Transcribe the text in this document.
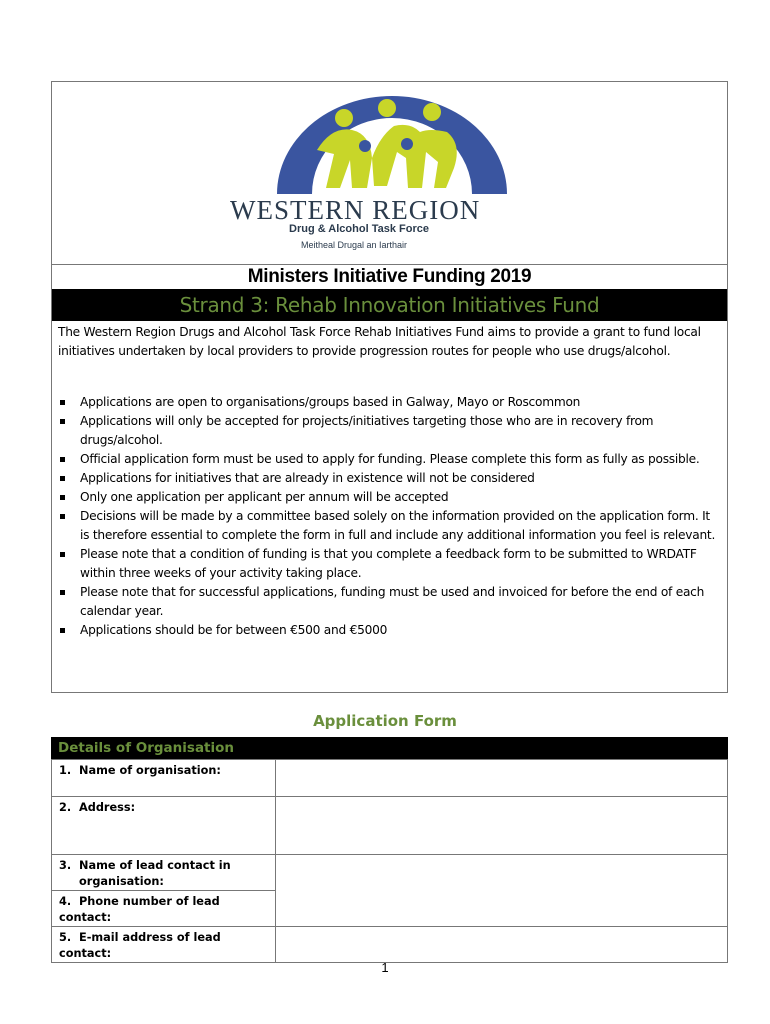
WESTERN REGION
Drug & Alcohol Task Force
Meitheal Drugal an Iarthair
Ministers Initiative Funding 2019
Strand 3: Rehab Innovation Initiatives Fund
The Western Region Drugs and Alcohol Task Force Rehab Initiatives Fund aims to provide a grant to fund local initiatives undertaken by local providers to provide progression routes for people who use drugs/alcohol.
Applications are open to organisations/groups based in Galway, Mayo or Roscommon
Applications will only be accepted for projects/initiatives targeting those who are in recovery from drugs/alcohol.
Official application form must be used to apply for funding. Please complete this form as fully as possible.
Applications for initiatives that are already in existence will not be considered
Only one application per applicant per annum will be accepted
Decisions will be made by a committee based solely on the information provided on the application form. It is therefore essential to complete the form in full and include any additional information you feel is relevant.
Please note that a condition of funding is that you complete a feedback form to be submitted to WRDATF within three weeks of your activity taking place.
Please note that for successful applications, funding must be used and invoiced for before the end of each calendar year.
Applications should be for between €500 and €5000
Application Form
Details of Organisation
1. Name of organisation:	
2. Address:	
3. Name of lead contact in
organisation:	

4. Phone number of lead contact:	
5. E-mail address of lead contact:	
1
